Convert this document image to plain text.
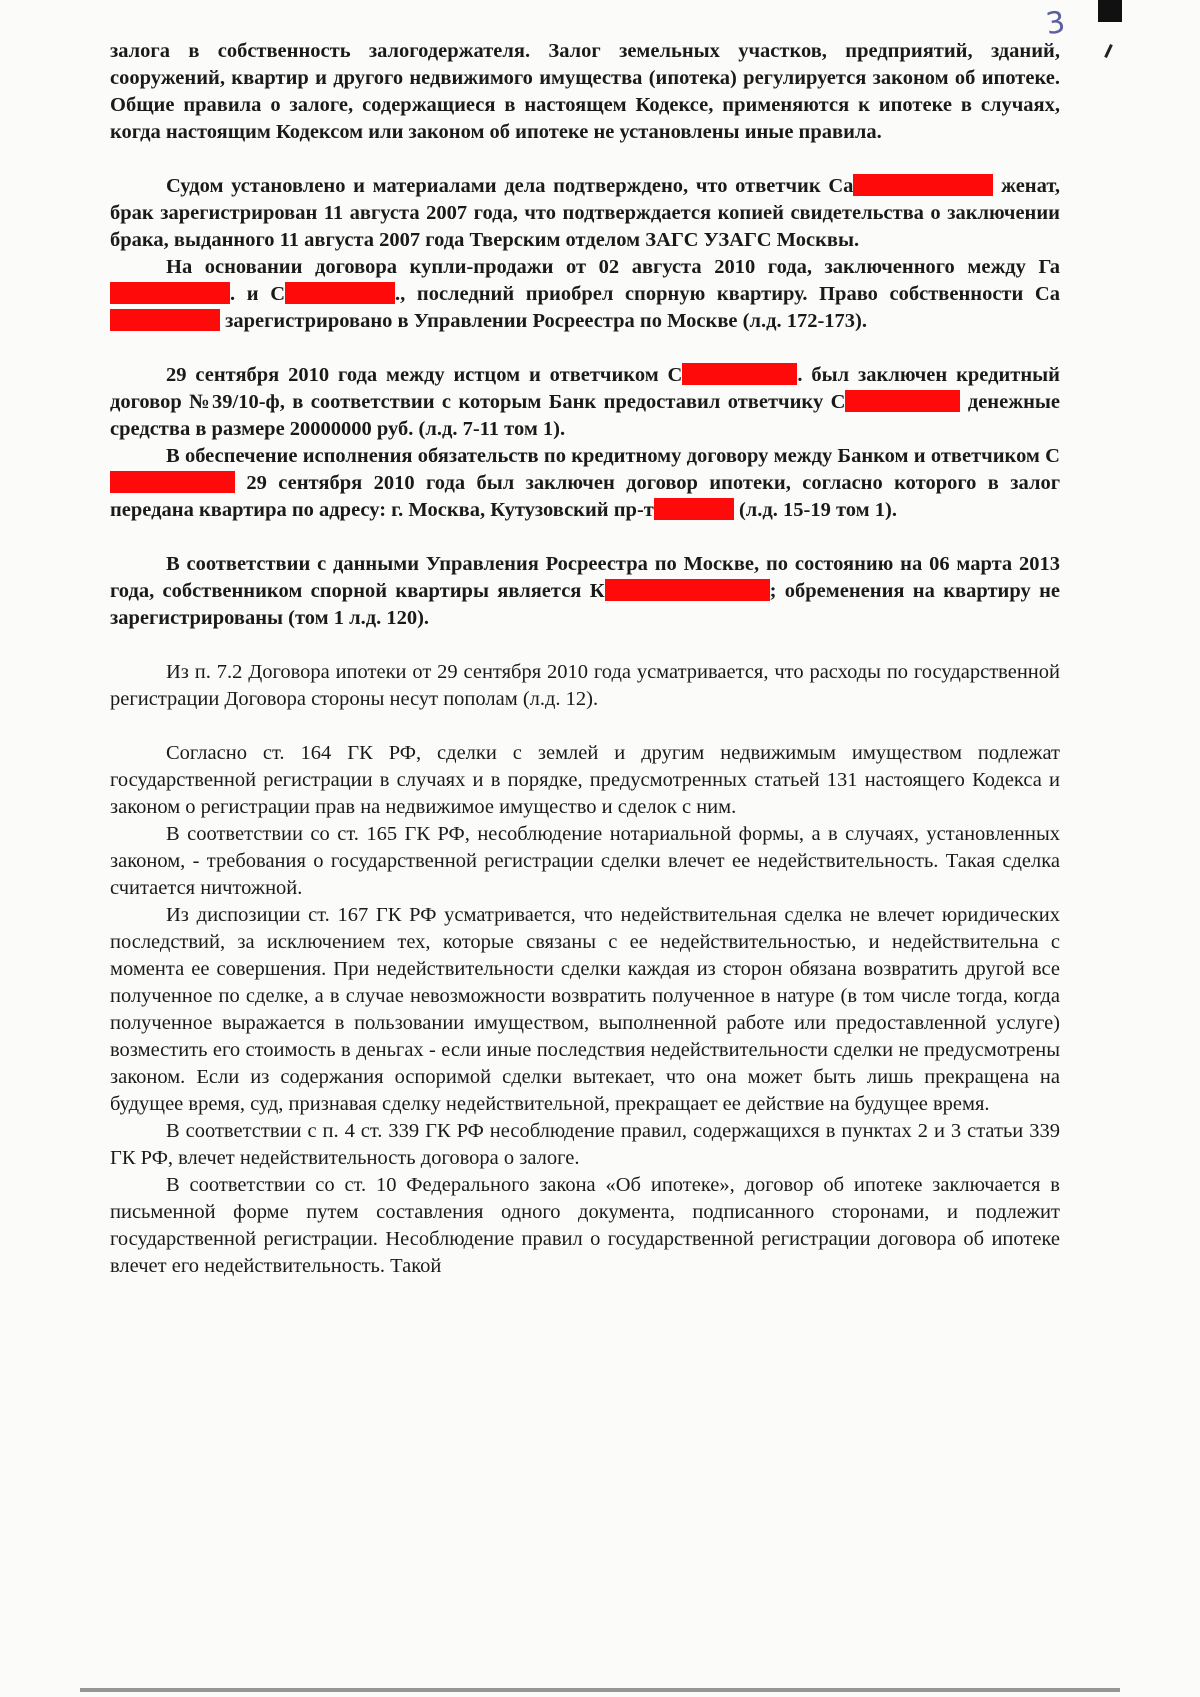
3

залога в собственность залогодержателя. Залог земельных участков, предприятий, зданий, сооружений, квартир и другого недвижимого имущества (ипотека) регулируется законом об ипотеке. Общие правила о залоге, содержащиеся в настоящем Кодексе, применяются к ипотеке в случаях, когда настоящим Кодексом или законом об ипотеке не установлены иные правила.

Судом установлено и материалами дела подтверждено, что ответчик Са	женат, брак зарегистрирован 11 августа 2007 года, что подтверждается копией свидетельства о заключении брака, выданного 11 августа 2007 года Тверским отделом ЗАГС УЗАГС Москвы.

На основании договора купли-продажи от 02 августа 2010 года, заключенного между Га. и С	., последний приобрел спорную квартиру. Право собственности Са зарегистрировано в Управлении Росреестра по Москве (л.д. 172-173).

29 сентября 2010 года между истцом и ответчиком С	. был заключен кредитный договор №39/10-ф, в соответствии с которым Банк предоставил ответчику С	денежные средства в размере 20000000 руб. (л.д. 7-11 том 1).

В обеспечение исполнения обязательств по кредитному договору между Банком и ответчиком С 29 сентября 2010 года был заключен договор ипотеки, согласно которого в залог передана квартира по адресу: г. Москва, Кутузовский пр-т	(л.д. 15-19 том 1).

В соответствии с данными Управления Росреестра по Москве, по состоянию на 06 марта 2013 года, собственником спорной квартиры является К	; обременения на квартиру не зарегистрированы (том 1 л.д. 120).

Из п. 7.2 Договора ипотеки от 29 сентября 2010 года усматривается, что расходы по государственной регистрации Договора стороны несут пополам (л.д. 12).

Согласно ст. 164 ГК РФ, сделки с землей и другим недвижимым имуществом подлежат государственной регистрации в случаях и в порядке, предусмотренных статьей 131 настоящего Кодекса и законом о регистрации прав на недвижимое имущество и сделок с ним.

В соответствии со ст. 165 ГК РФ, несоблюдение нотариальной формы, а в случаях, установленных законом, - требования о государственной регистрации сделки влечет ее недействительность. Такая сделка считается ничтожной.

Из диспозиции ст. 167 ГК РФ усматривается, что недействительная сделка не влечет юридических последствий, за исключением тех, которые связаны с ее недействительностью, и недействительна с момента ее совершения. При недействительности сделки каждая из сторон обязана возвратить другой все полученное по сделке, а в случае невозможности возвратить полученное в натуре (в том числе тогда, когда полученное выражается в пользовании имуществом, выполненной работе или предоставленной услуге) возместить его стоимость в деньгах - если иные последствия недействительности сделки не предусмотрены законом. Если из содержания оспоримой сделки вытекает, что она может быть лишь прекращена на будущее время, суд, признавая сделку недействительной, прекращает ее действие на будущее время.

В соответствии с п. 4 ст. 339 ГК РФ несоблюдение правил, содержащихся в пунктах 2 и 3 статьи 339 ГК РФ, влечет недействительность договора о залоге.

В соответствии со ст. 10 Федерального закона «Об ипотеке», договор об ипотеке заключается в письменной форме путем составления одного документа, подписанного сторонами, и подлежит государственной регистрации. Несоблюдение правил о государственной регистрации договора об ипотеке влечет его недействительность. Такой
